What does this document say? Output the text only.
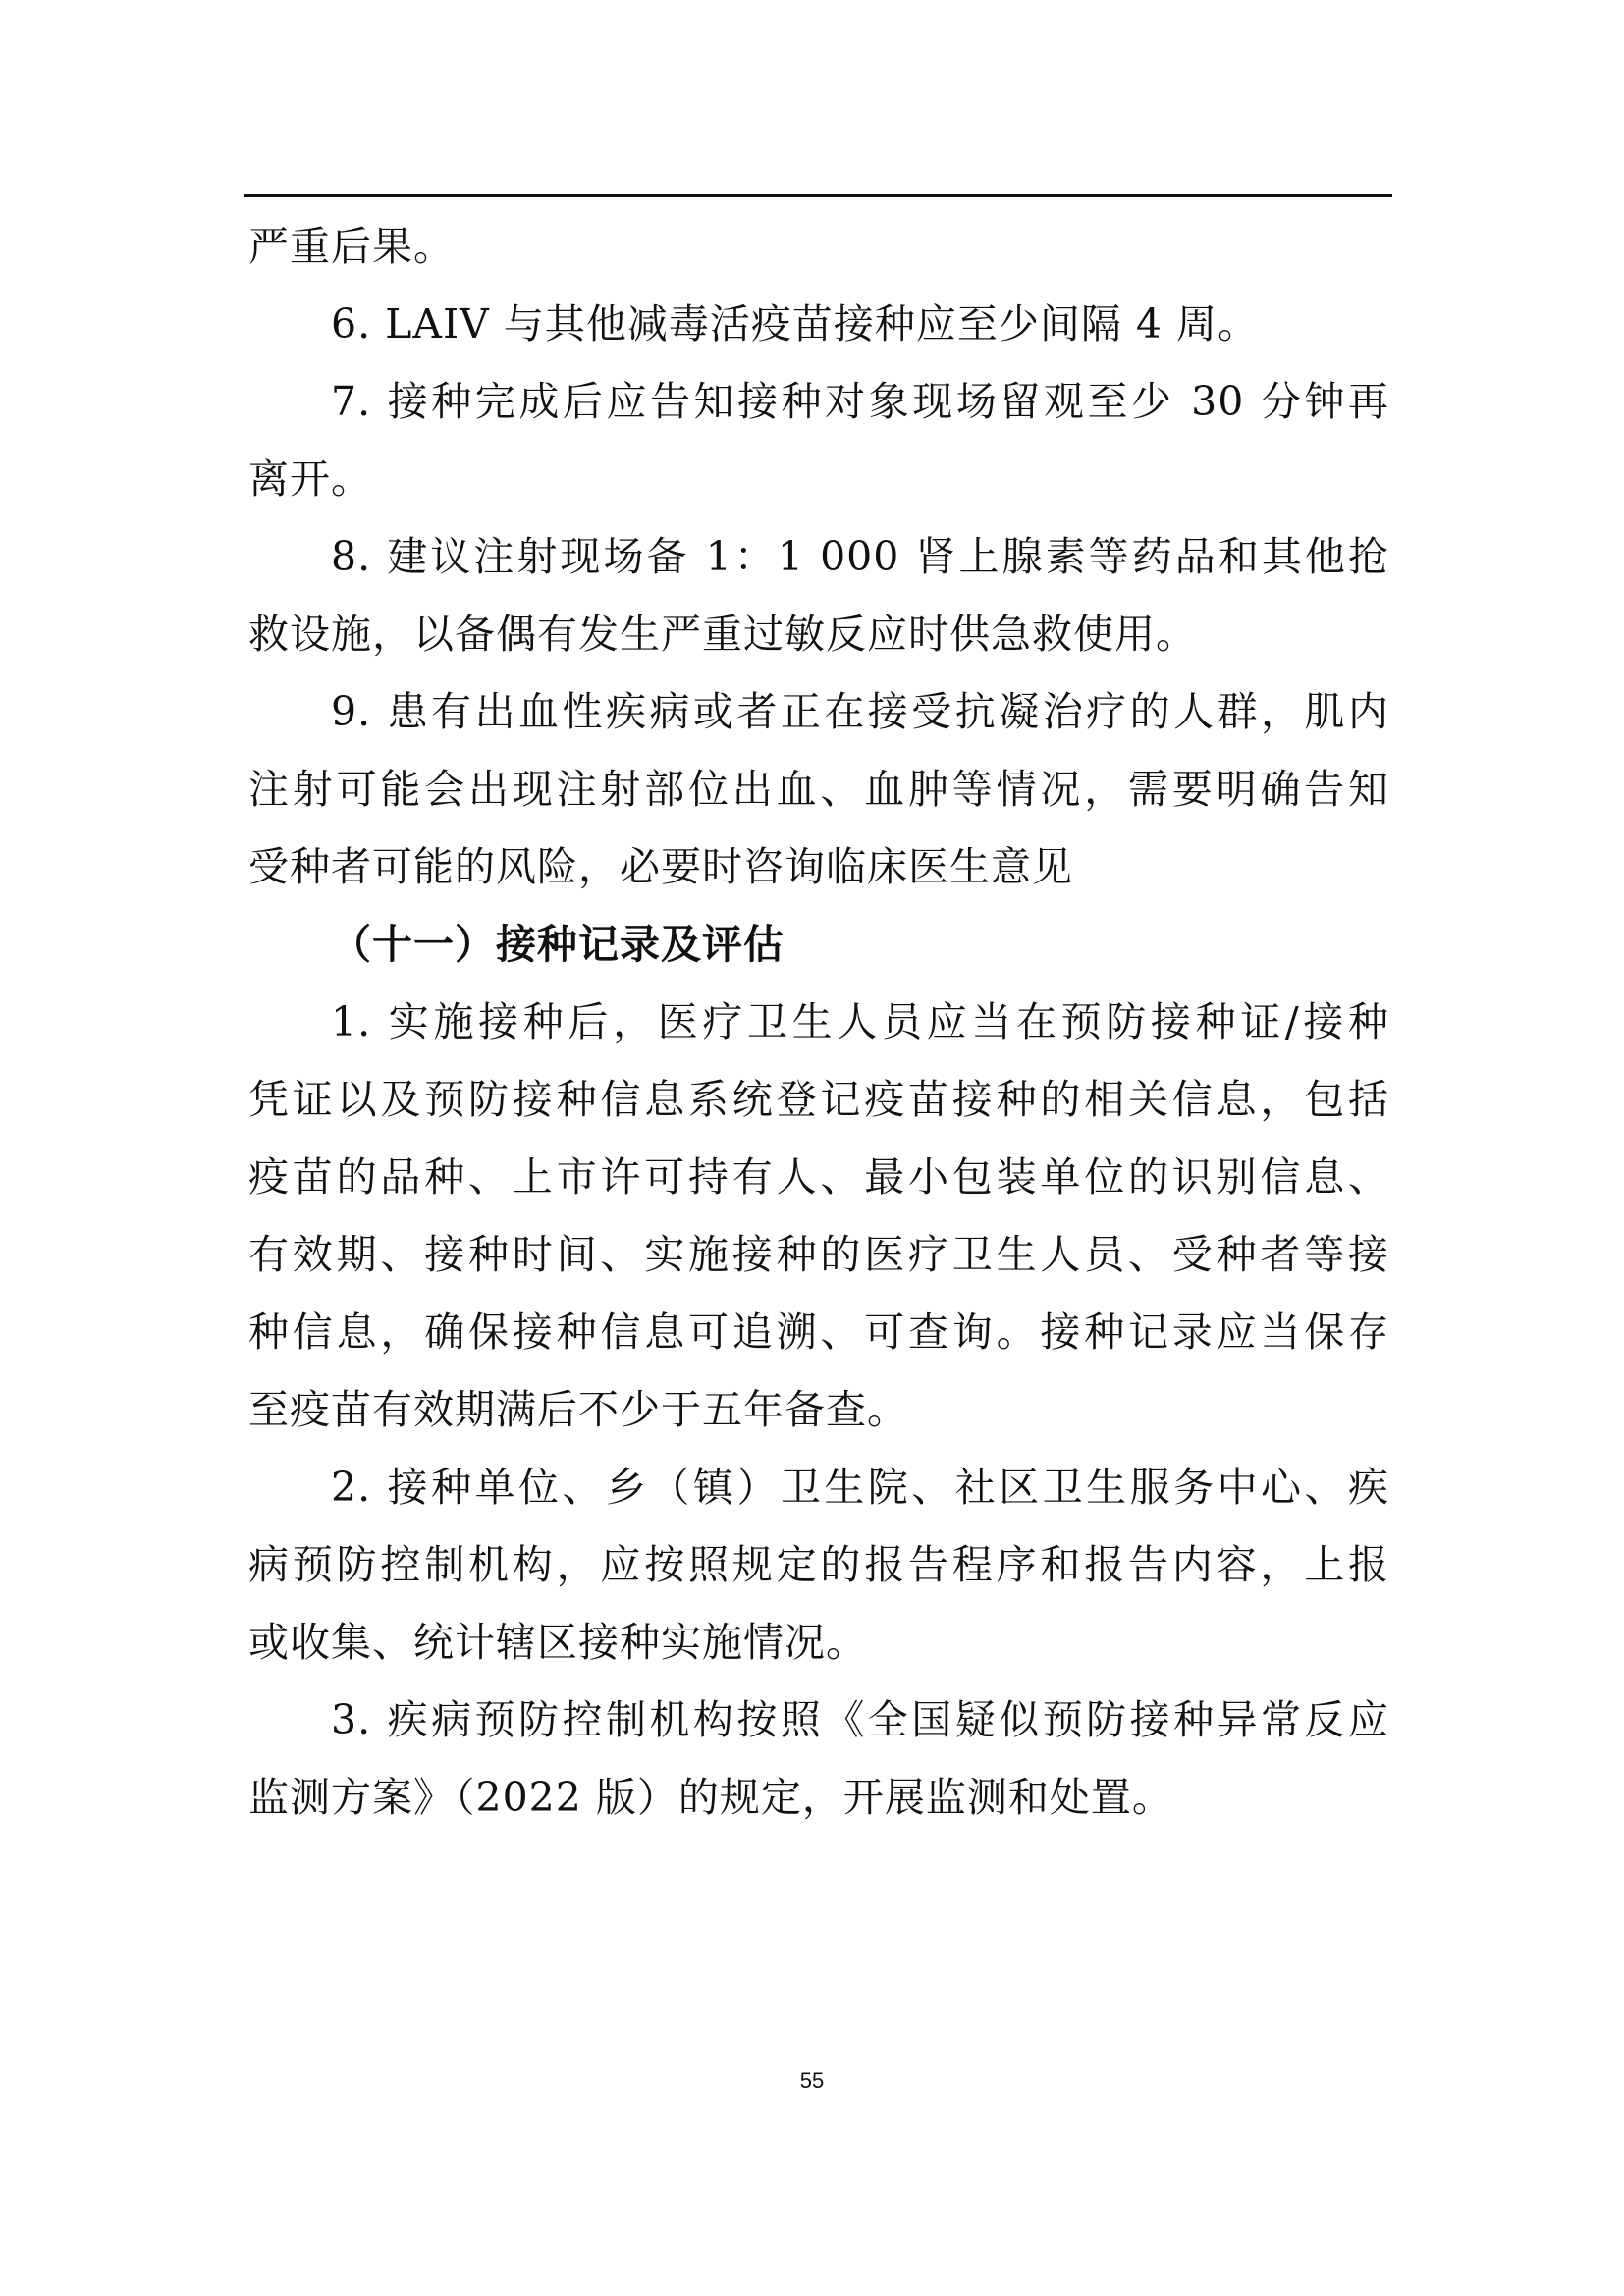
严重后果。
6. LAIV 与其他减毒活疫苗接种应至少间隔 4 周。
7. 接种完成后应告知接种对象现场留观至少 30 分钟再
离开。
8. 建议注射现场备 1：1 000 肾上腺素等药品和其他抢
救设施，以备偶有发生严重过敏反应时供急救使用。
9. 患有出血性疾病或者正在接受抗凝治疗的人群，肌内
注射可能会出现注射部位出血、血肿等情况，需要明确告知
受种者可能的风险，必要时咨询临床医生意见
（十一）接种记录及评估
1. 实施接种后，医疗卫生人员应当在预防接种证/接种
凭证以及预防接种信息系统登记疫苗接种的相关信息，包括
疫苗的品种、上市许可持有人、最小包装单位的识别信息、
有效期、接种时间、实施接种的医疗卫生人员、受种者等接
种信息，确保接种信息可追溯、可查询。接种记录应当保存
至疫苗有效期满后不少于五年备查。
2. 接种单位、乡（镇）卫生院、社区卫生服务中心、疾
病预防控制机构，应按照规定的报告程序和报告内容，上报
或收集、统计辖区接种实施情况。
3. 疾病预防控制机构按照《全国疑似预防接种异常反应
监测方案》（2022 版）的规定，开展监测和处置。
55
